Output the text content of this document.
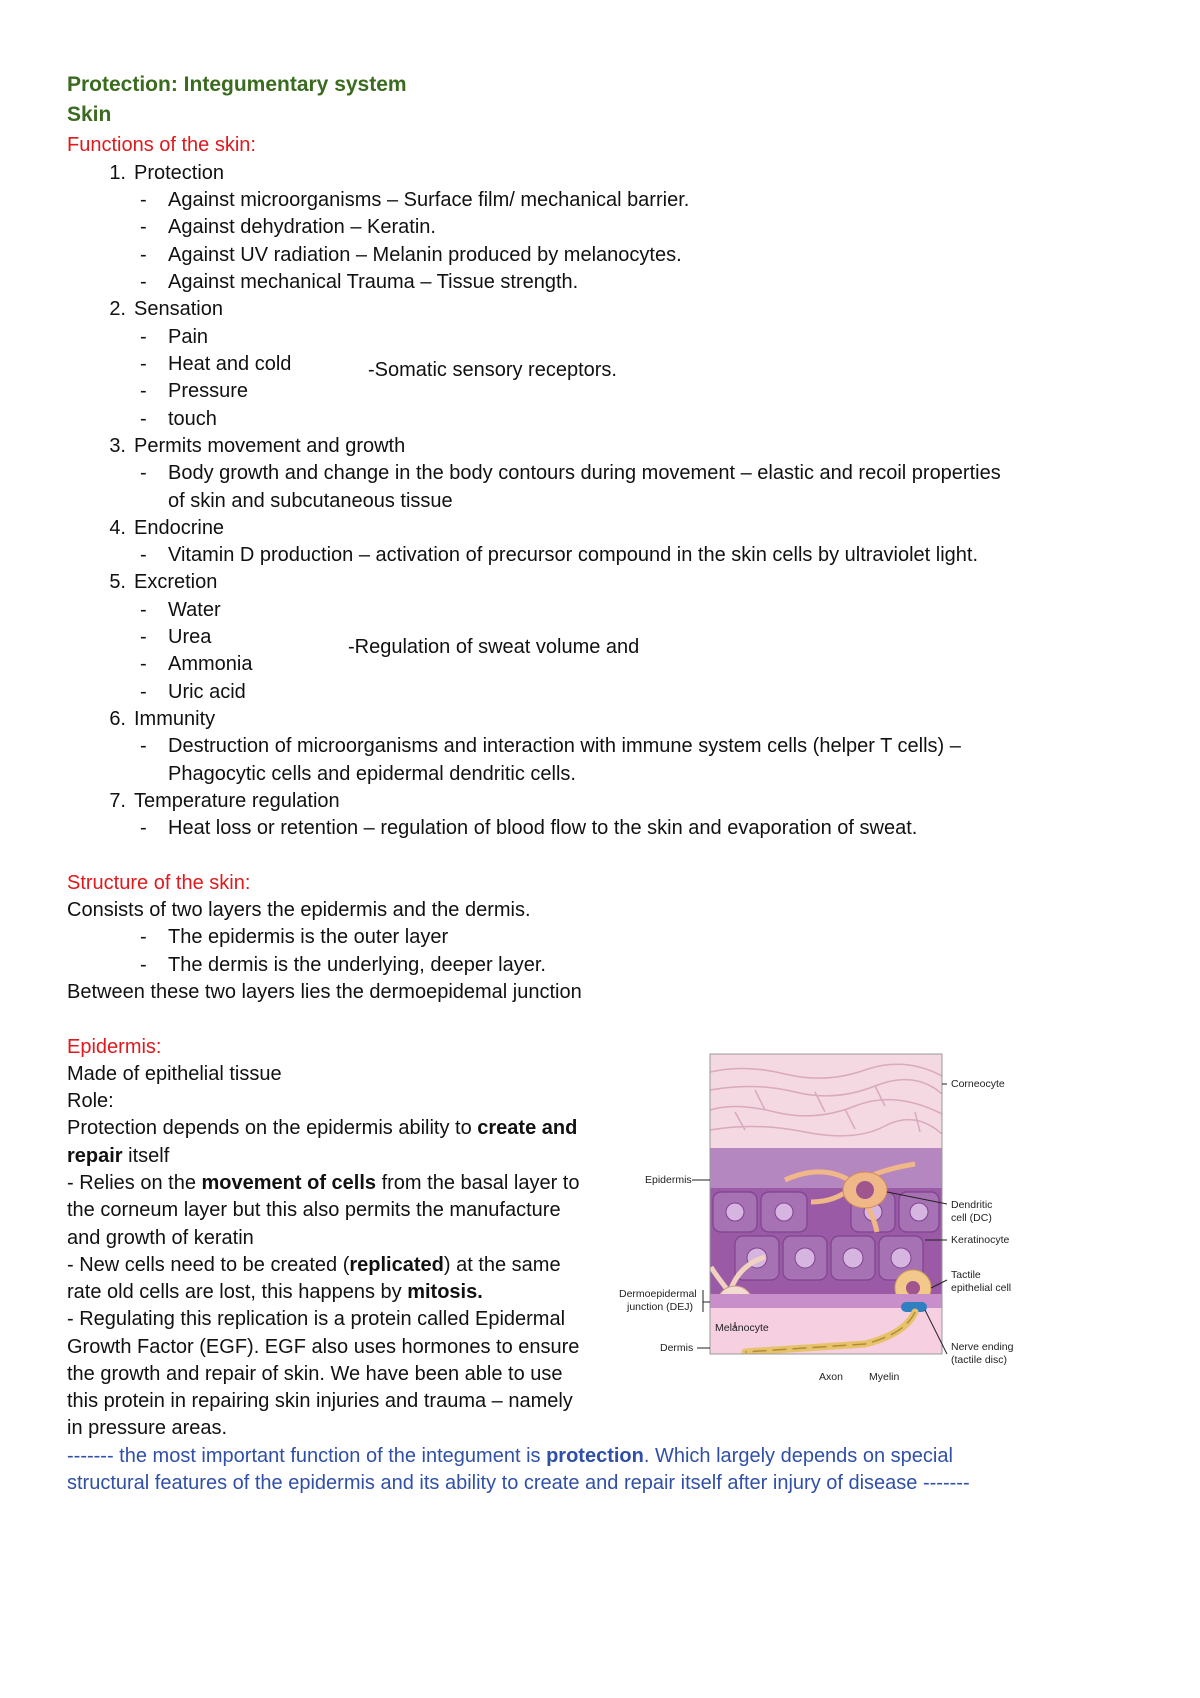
Protection: Integumentary system
Skin
Functions of the skin:
1. Protection
- Against microorganisms – Surface film/ mechanical barrier.
- Against dehydration – Keratin.
- Against UV radiation – Melanin produced by melanocytes.
- Against mechanical Trauma – Tissue strength.
2. Sensation
- Pain
- Heat and cold
- Pressure
- touch
-Somatic sensory receptors.
3. Permits movement and growth
- Body growth and change in the body contours during movement – elastic and recoil properties
of skin and subcutaneous tissue
4. Endocrine
- Vitamin D production – activation of precursor compound in the skin cells by ultraviolet light.
5. Excretion
- Water
- Urea
- Ammonia
- Uric acid
-Regulation of sweat volume and
6. Immunity
- Destruction of microorganisms and interaction with immune system cells (helper T cells) –
Phagocytic cells and epidermal dendritic cells.
7. Temperature regulation
- Heat loss or retention – regulation of blood flow to the skin and evaporation of sweat.
Structure of the skin:
Consists of two layers the epidermis and the dermis.
- The epidermis is the outer layer
- The dermis is the underlying, deeper layer.
Between these two layers lies the dermoepidemal junction
Epidermis:
Made of epithelial tissue
Role:
Protection depends on the epidermis ability to create and
repair itself
- Relies on the movement of cells from the basal layer to
the corneum layer but this also permits the manufacture
and growth of keratin
- New cells need to be created (replicated) at the same
rate old cells are lost, this happens by mitosis.
- Regulating this replication is a protein called Epidermal
Growth Factor (EGF). EGF also uses hormones to ensure
the growth and repair of skin. We have been able to use
this protein in repairing skin injuries and trauma – namely
in pressure areas.
------- the most important function of the integument is protection. Which largely depends on special
structural features of the epidermis and its ability to create and repair itself after injury of disease -------
Corneocyte
Epidermis
Dendritic
cell (DC)
Keratinocyte
Tactile
epithelial cell
Dermoepidermal
junction (DEJ)
Melanocyte
Dermis	Nerve ending
(tactile disc)
Axon Myelin
